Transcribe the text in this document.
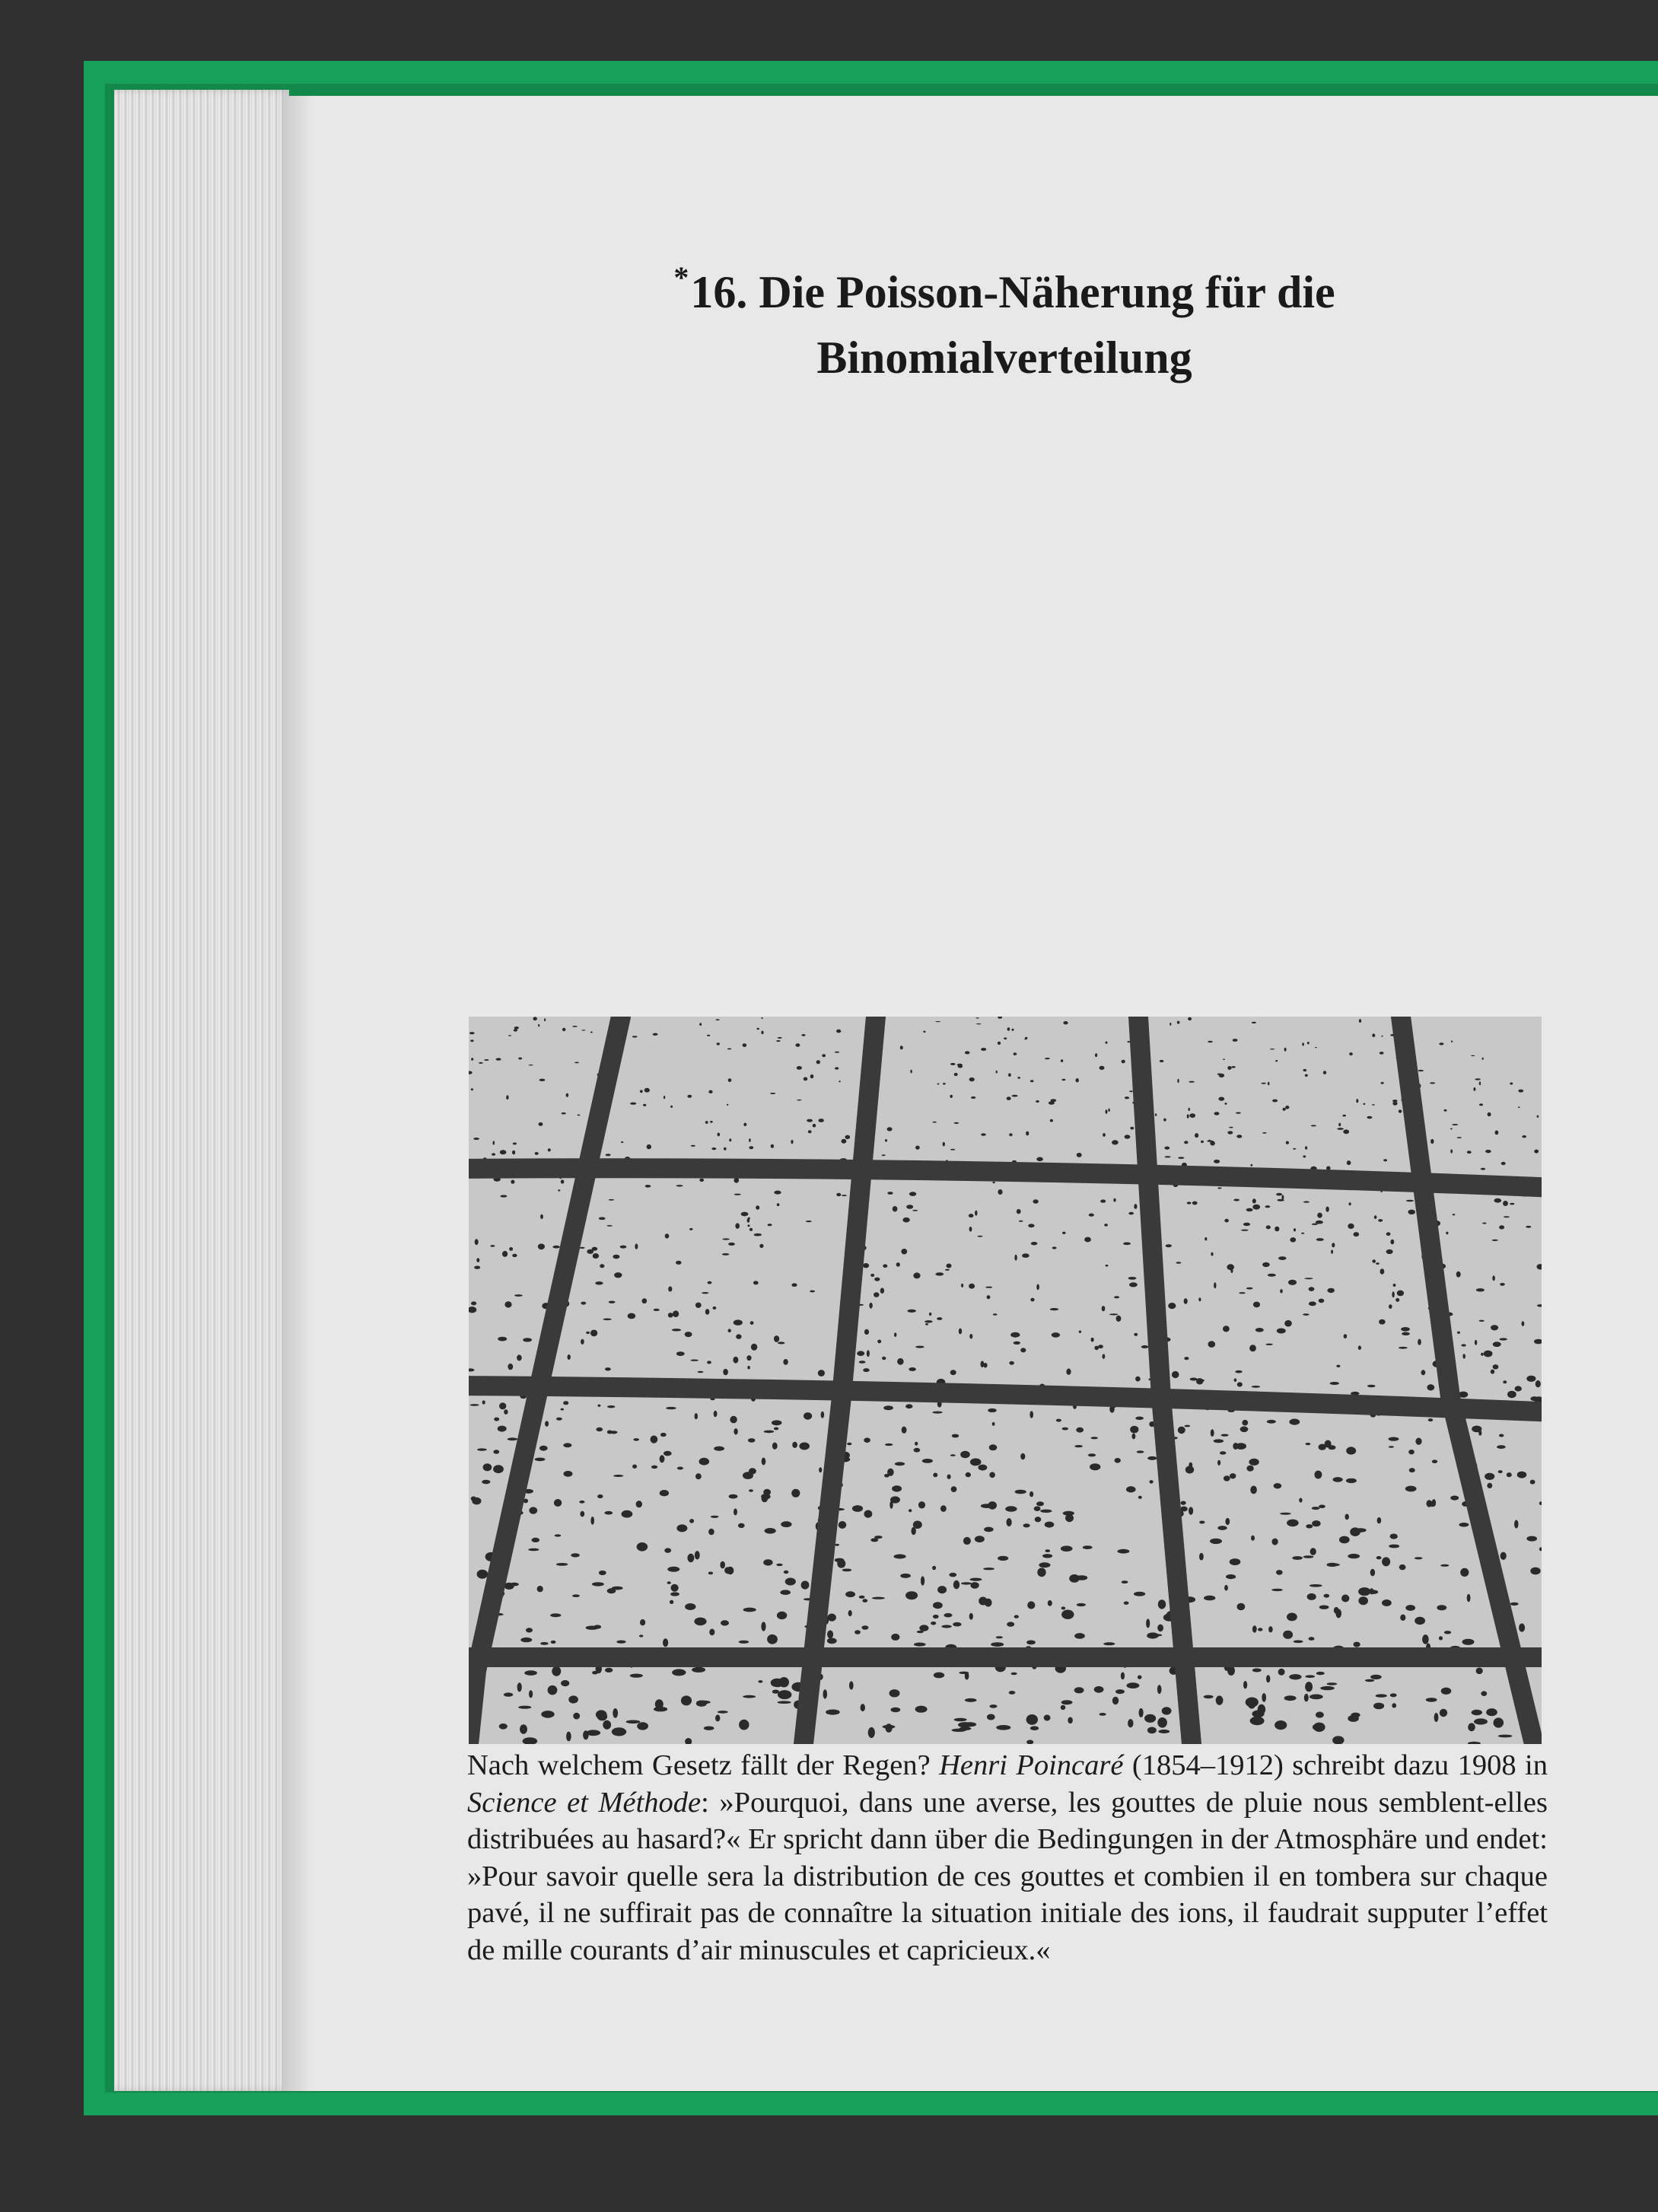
*16. Die Poisson-Näherung für die
Binomialverteilung
Nach welchem Gesetz fällt der Regen? Henri Poincaré (1854–1912) schreibt dazu 1908 in Science et Méthode: »Pourquoi, dans une averse, les gouttes de pluie nous semblent-elles distribuées au hasard?« Er spricht dann über die Bedingungen in der Atmosphäre und endet: »Pour savoir quelle sera la distribution de ces gouttes et combien il en tombera sur chaque pavé, il ne suffirait pas de connaître la situation initiale des ions, il faudrait supputer l’effet de mille courants d’air minuscules et capricieux.«
